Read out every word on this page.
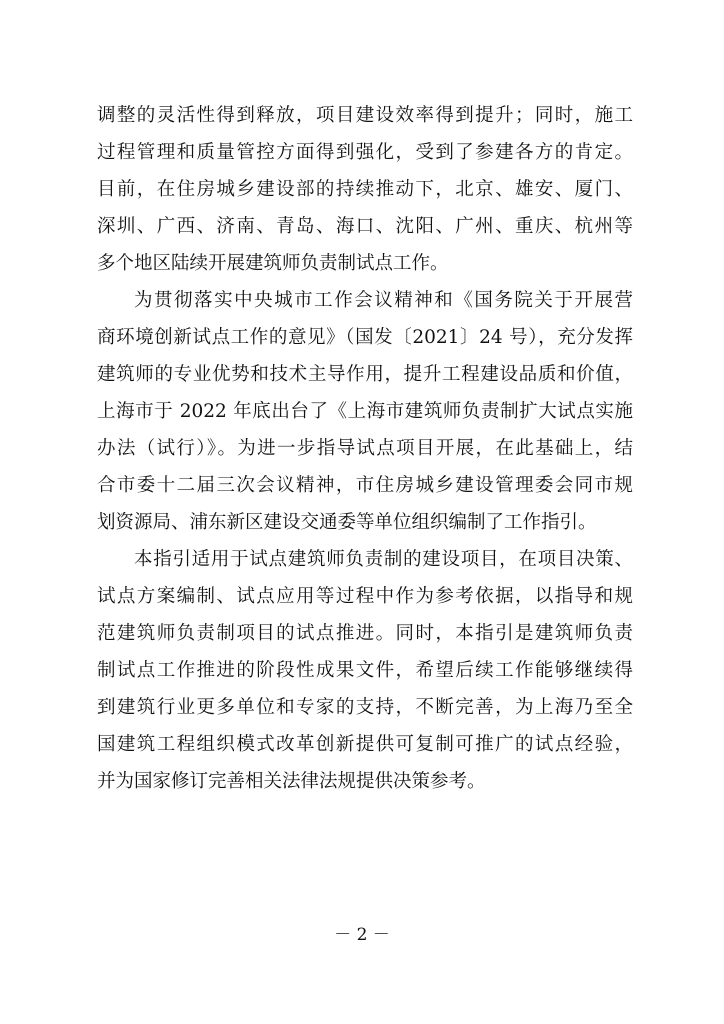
调整的灵活性得到释放，项目建设效率得到提升；同时，施工
过程管理和质量管控方面得到强化，受到了参建各方的肯定。
目前，在住房城乡建设部的持续推动下，北京、雄安、厦门、
深圳、广西、济南、青岛、海口、沈阳、广州、重庆、杭州等
多个地区陆续开展建筑师负责制试点工作。
为贯彻落实中央城市工作会议精神和《国务院关于开展营
商环境创新试点工作的意见》（国发〔2021〕24 号），充分发挥
建筑师的专业优势和技术主导作用，提升工程建设品质和价值，
上海市于 2022 年底出台了《上海市建筑师负责制扩大试点实施
办法（试行）》。为进一步指导试点项目开展，在此基础上，结
合市委十二届三次会议精神，市住房城乡建设管理委会同市规
划资源局、浦东新区建设交通委等单位组织编制了工作指引。
本指引适用于试点建筑师负责制的建设项目，在项目决策、
试点方案编制、试点应用等过程中作为参考依据，以指导和规
范建筑师负责制项目的试点推进。同时，本指引是建筑师负责
制试点工作推进的阶段性成果文件，希望后续工作能够继续得
到建筑行业更多单位和专家的支持，不断完善，为上海乃至全
国建筑工程组织模式改革创新提供可复制可推广的试点经验，
并为国家修订完善相关法律法规提供决策参考。
－ 2 －
